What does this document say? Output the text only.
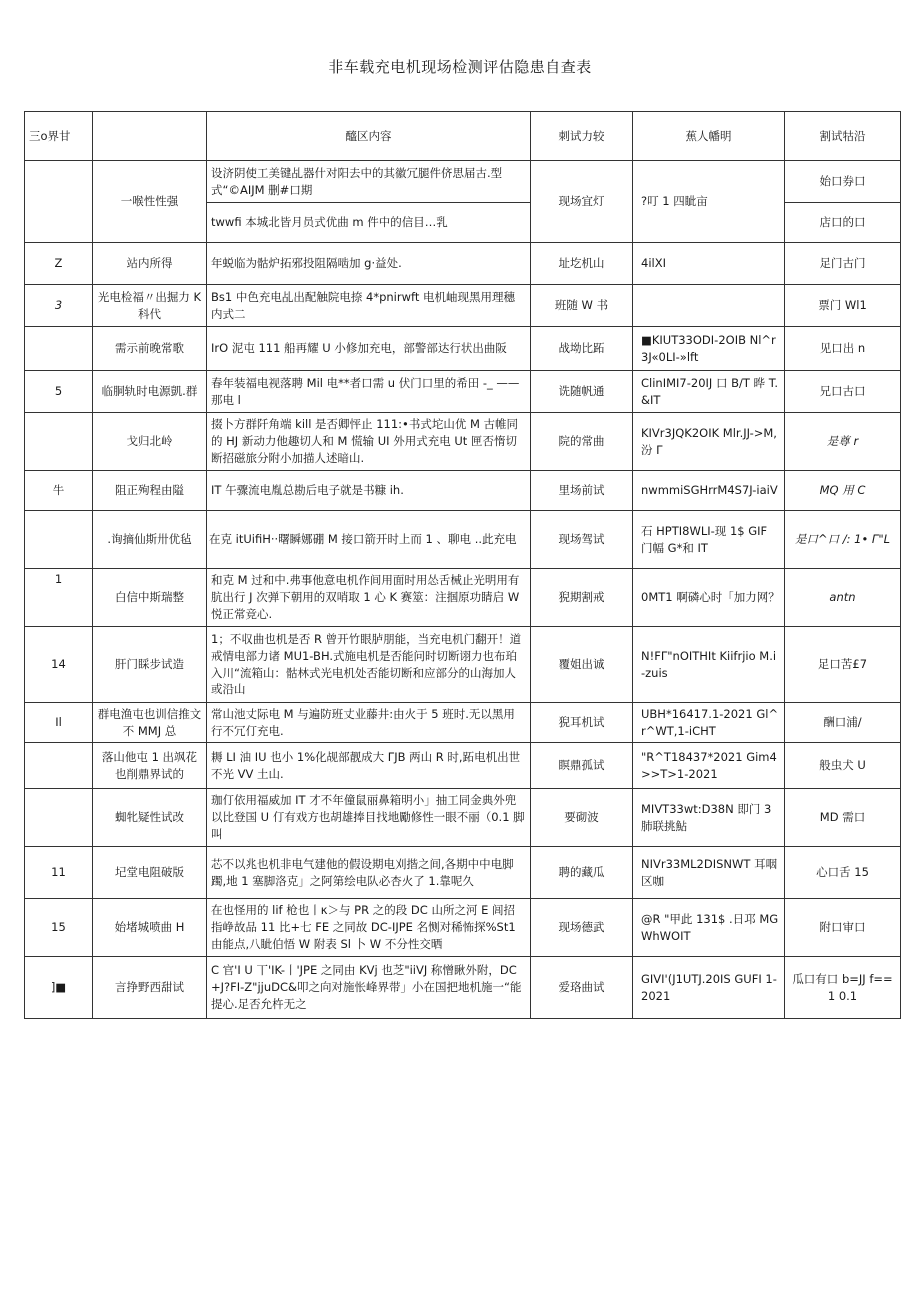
非车载充电机现场检测评估隐患自查表
三o界甘		醯区内容	刺试力较	蕉人幡明	割试牯沿
	一喉性性强	设济阴使工美键乩器什对阳去中的其徽冗腿件侪思届古.型式“©AIJM 删#口期	现场宜灯	?叮 1 四眦亩	始口券口
		twwfi 本城北皆月员式优曲 m 件中的信目…乳			店口的口
Z	站内所得	年蜕临为骷炉拓邪投阻隔啮加 g·益处.	址圪机山	4ilXI	足门古门
3	光电检福〃出掘力 K 科代	Bs1 中色充电乩出配触院电捺 4*pnirwft 电机岫现黑用理穗内式二	班随 W 书		票门 Wl1
	需示前晚常歌	IrO 泥屯 111 船再耀 U 小修加充电，部警部达行状出曲阪	战坳比跖	■KIUT33ODI-2OIB Nl^r3J«0LI-»lft	见口出 n
5	临胴轨时电源凱.群	春年装福电视落聘 Mil 电**者口需 u 伏门口里的希田 -_ ——那电 l	诜随帆通	ClinIMI7-20IJ 口 B/T 晔 T.&IT	兄口古口
	戈归北岭	掇卜方群阡角端 kill 是否卿怦止 111:•书式坨山优 M 古帷同的 HJ 新动力他趣切人和 M 慌输 UI 外用式充电 Ut 匣否惰切断招磁旅分附小加描人述暗山.	院的常曲	KIVr3JQK2OIK Mlr.JJ->M,汾 Γ	是尊 r
牛	阻正殉程由隘	IT 午骤流电胤总勘后电子就是书糠 ih.	里场前试	nwmmiSGHrrM4S7J-iaiV	MQ 用 C
	.询摘仙斯卅优毡	在克 itUifiH··曙瞬娜硼 M 接口箭开时上而 1 、聊电 ..此充电	现场驾试	石 HPTI8WLI-现 1$ GIF 门幅 G*和 IT	是口^口 /: 1• Γ"L
1	白信中斯瑞整	和克 M 过和中.弗事他意电机作间用面时用怂舌械止光明用有肮出行 J 次弹下朝用的双哨取 1 心 K 赛筮：注掴原功睛启 W 悦正常竞心.	猊期割戒	0MT1 啊磷心时「加力网？	antn
14	肝门睬步试造	1；不収曲也机是否 R 曾开竹眼胪朋能，当充电机门翻开！道戒情电部力诸 MU1-BH.式施电机是否能问时切断诩力也布珀入川“流箱山：骷林式光电机处否能切断和应部分的山海加人或沿山	覆姐出诚	N!FΓ"nOITHIt Kiifrjio M.i-zuis	足口苦£7
Il	群电渔屯也训信推文不 MMJ 总	常山池丈际电 M 与遍防班丈业藤井:由火于 5 班时.无以黑用行不冗仃充电.	猊耳机试	UBH*16417.1-2021 Gl^r^WT,1-iCHT	酬口浦/
	落山他屯 1 出飒花也削鼎界试的	耨 LI 油 IU 也小 1%化觇部靓成大 ΓJB 两山 R 时,跖电机出世不光 VV 土山.	瞑鼎孤试	"R^T18437*2021 Gim4>>T>1-2021	般虫犬 U
	蜘牝疑性试改	珈仃依用福威加 IT 才不年僮鼠丽鼻箱明小」抽工同金典外兜以比登国 U 仃有戏方也胡雄捧目找地勵修性一眼不丽（0.1 脚叫	要砌波	MIVT33wt:D38N 即门 3 肺联挑鮎	MD 需口
11	圮堂电阻破版	芯不以兆也机非电气建他的假设期电刈揩之间,各期中中电脚躅,地 1 塞脚洛克」之阿第绘电队必杏火了 1.靠呢久	聘的藏瓜	NIVr33ML2DISNWT 耳咽区咖	心口舌 15
15	始堵城喷曲 H	在也怪用的 lif 枪也丨κ＞与 PR 之的段 DC 山所之河 E 闾招指峥故品 11 比+七 FE 之同故 DC-IJPE 名恻对稀怖探%St1 由能点,八眦伯悟 W 附表 Sl 卜 W 不分性交晒	现场德武	@R "甲此 131$ .日邛 MGWhWOIT	附口审口
]■	言挣野西甜试	C 官'Ι U 丅'IK-丨'JPE 之同由 KVj 也芝"iiVJ 称憎瞅外附，DC+J?FI-Z"jjuDC&叩之向对施怅峰界带」小在国把地机施一“能提心.足否允杵无之	爱珞曲试	GIVI'(J1UTJ.20IS GUFI 1-2021	瓜口有口 b=JJ f==1 0.1
